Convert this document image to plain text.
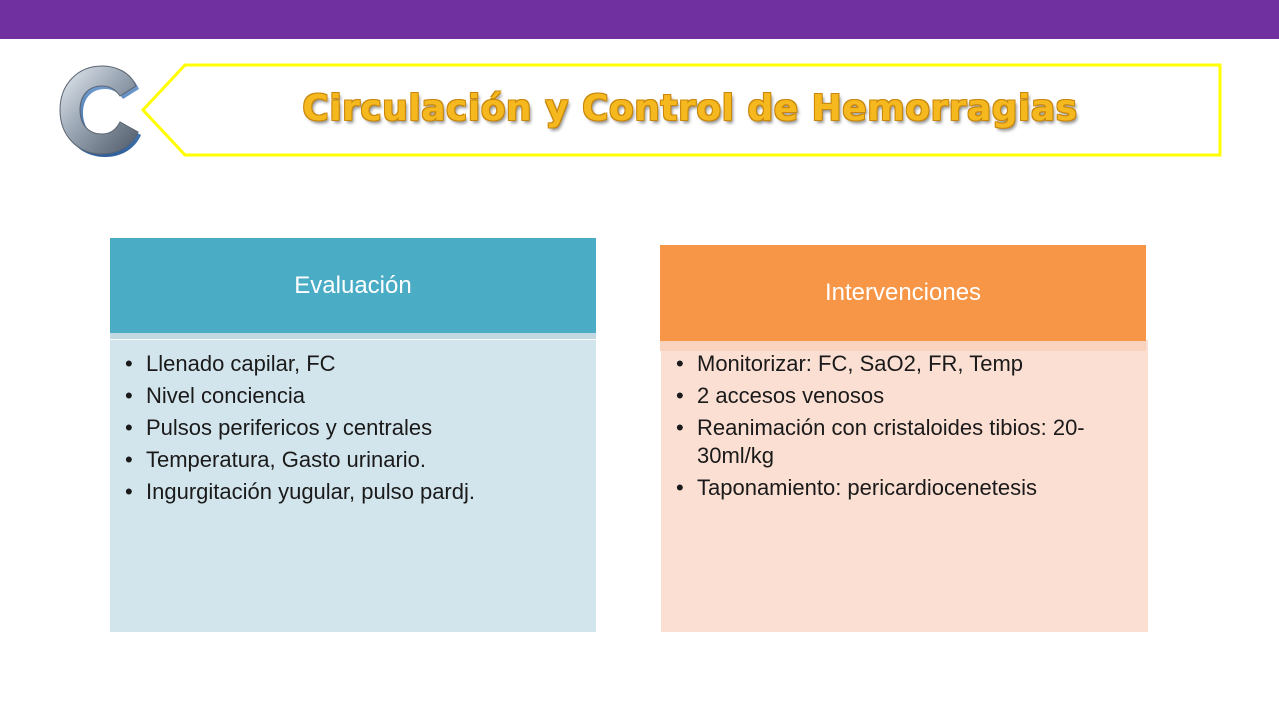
Circulación y Control de Hemorragias
Evaluación
• Llenado capilar, FC
• Nivel conciencia
• Pulsos perifericos y centrales
• Temperatura, Gasto urinario.
• Ingurgitación yugular, pulso pardj.
Intervenciones
• Monitorizar: FC, SaO2, FR, Temp
• 2 accesos venosos
• Reanimación con cristaloides tibios: 20-30ml/kg
• Taponamiento: pericardiocenetesis
